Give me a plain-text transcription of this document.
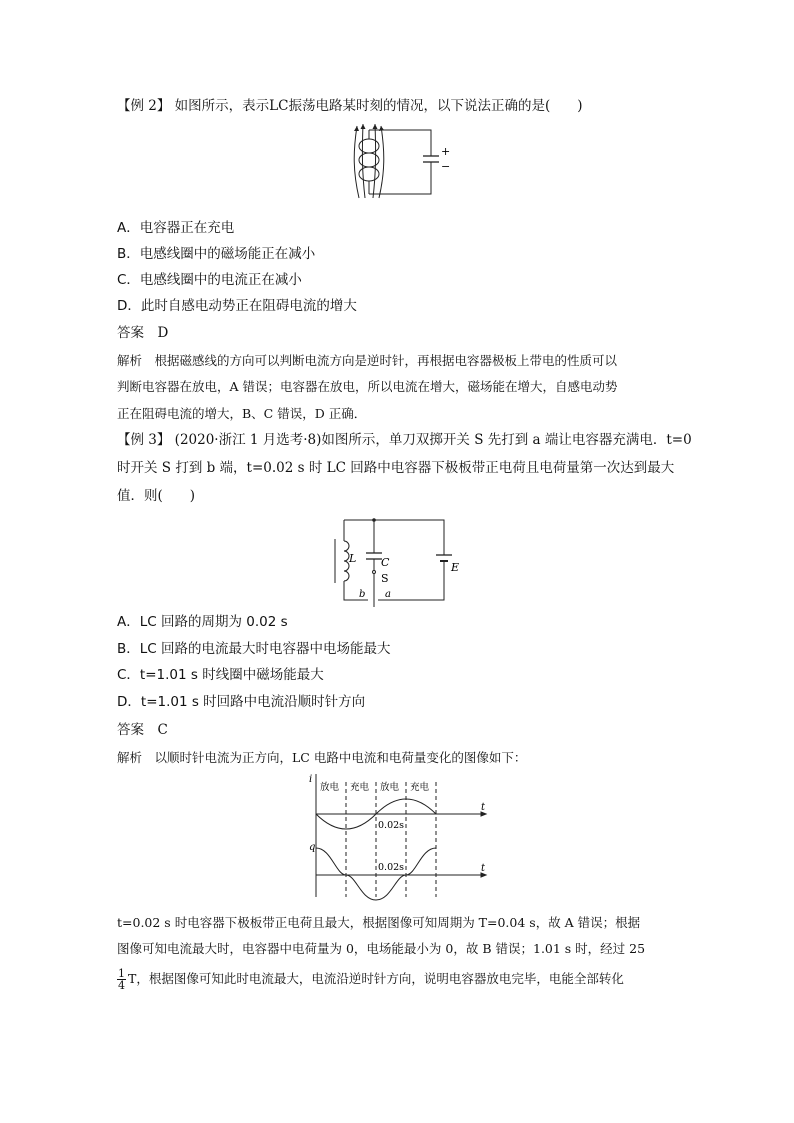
【例 2】 如图所示，表示LC振荡电路某时刻的情况，以下说法正确的是(　　)
+
−
A．电容器正在充电
B．电感线圈中的磁场能正在减小
C．电感线圈中的电流正在减小
D．此时自感电动势正在阻碍电流的增大
答案　D
解析　根据磁感线的方向可以判断电流方向是逆时针，再根据电容器极板上带电的性质可以
判断电容器在放电，A 错误；电容器在放电，所以电流在增大，磁场能在增大，自感电动势
正在阻碍电流的增大，B、C 错误，D 正确．
【例 3】 (2020·浙江 1 月选考·8)如图所示，单刀双掷开关 S 先打到 a 端让电容器充满电．t=0
时开关 S 打到 b 端，t=0.02 s 时 LC 回路中电容器下极板带正电荷且电荷量第一次达到最大
值．则(　　)
L C
S
E
b a
A．LC 回路的周期为 0.02 s
B．LC 回路的电流最大时电容器中电场能最大
C．t=1.01 s 时线圈中磁场能最大
D．t=1.01 s 时回路中电流沿顺时针方向
答案　C
解析　以顺时针电流为正方向，LC 电路中电流和电荷量变化的图像如下：
i
q
t
t
放电 充电 放电 充电
0.02s
0.02s
t=0.02 s 时电容器下极板带正电荷且最大，根据图像可知周期为 T=0.04 s，故 A 错误；根据
图像可知电流最大时，电容器中电荷量为 0，电场能最小为 0，故 B 错误；1.01 s 时，经过 25
$\frac{1}{4}$ T，根据图像可知此时电流最大，电流沿逆时针方向，说明电容器放电完毕，电能全部转化
